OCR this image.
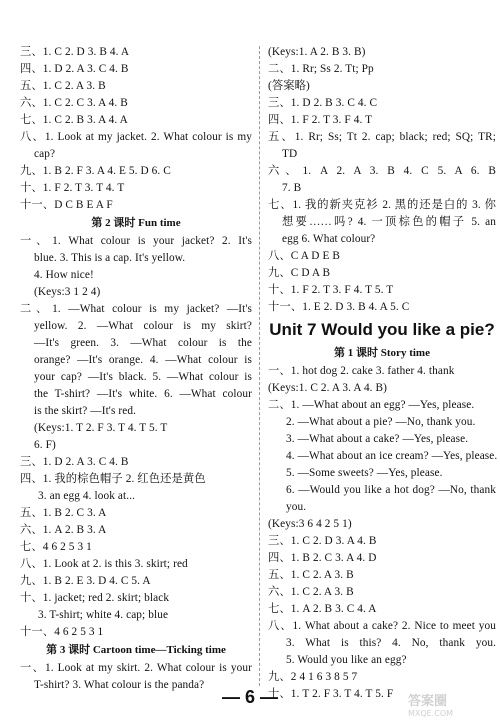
三、1. C 2. D 3. B 4. A
四、1. D 2. A 3. C 4. B
五、1. C 2. A 3. B
六、1. C 2. C 3. A 4. B
七、1. C 2. B 3. A 4. A
八、1. Look at my jacket. 2. What colour is my
cap?
九、1. B 2. F 3. A 4. E 5. D 6. C
十、1. F 2. T 3. T 4. T
十一、D C B E A F
第 2 课时 Fun time
一、1. What colour is your jacket? 2. It's
blue. 3. This is a cap. It's yellow.
4. How nice!
(Keys:3 1 2 4)
二、1. —What colour is my jacket? —It's
yellow. 2. —What colour is my skirt?
—It's green. 3. —What colour is the
orange? —It's orange. 4. —What colour is
your cap? —It's black. 5. —What colour is
the T-shirt? —It's white. 6. —What colour
is the skirt? —It's red.
(Keys:1. T 2. F 3. T 4. T 5. T
6. F)
三、1. D 2. A 3. C 4. B
四、1. 我的棕色帽子 2. 红色还是黄色
3. an egg 4. look at...
五、1. B 2. C 3. A
六、1. A 2. B 3. A
七、4 6 2 5 3 1
八、1. Look at 2. is this 3. skirt; red
九、1. B 2. E 3. D 4. C 5. A
十、1. jacket; red 2. skirt; black
3. T-shirt; white 4. cap; blue
十一、4 6 2 5 3 1
第 3 课时 Cartoon time—Ticking time
一、1. Look at my skirt. 2. What colour is your
T-shirt? 3. What colour is the panda?
(Keys:1. A 2. B 3. B)
二、1. Rr; Ss 2. Tt; Pp
(答案略)
三、1. D 2. B 3. C 4. C
四、1. F 2. T 3. F 4. T
五、1. Rr; Ss; Tt 2. cap; black; red; SQ; TR;
TD
六、1. A 2. A 3. B 4. C 5. A 6. B
7. B
七、1. 我的新夹克衫 2. 黑的还是白的 3. 你
想要……吗? 4. 一顶棕色的帽子 5. an
egg 6. What colour?
八、C A D E B
九、C D A B
十、1. F 2. T 3. F 4. T 5. T
十一、1. E 2. D 3. B 4. A 5. C
Unit 7 Would you like a pie?
第 1 课时 Story time
一、1. hot dog 2. cake 3. father 4. thank
(Keys:1. C 2. A 3. A 4. B)
二、1. —What about an egg? —Yes, please.
2. —What about a pie? —No, thank you.
3. —What about a cake? —Yes, please.
4. —What about an ice cream? —Yes, please.
5. —Some sweets? —Yes, please.
6. —Would you like a hot dog? —No, thank
you.
(Keys:3 6 4 2 5 1)
三、1. C 2. D 3. A 4. B
四、1. B 2. C 3. A 4. D
五、1. C 2. A 3. B
六、1. C 2. A 3. B
七、1. A 2. B 3. C 4. A
八、1. What about a cake? 2. Nice to meet you
3. What is this? 4. No, thank you.
5. Would you like an egg?
九、2 4 1 6 3 8 5 7
十、1. T 2. F 3. T 4. T 5. F
— 6 —	答案圈
MXQE.COM
